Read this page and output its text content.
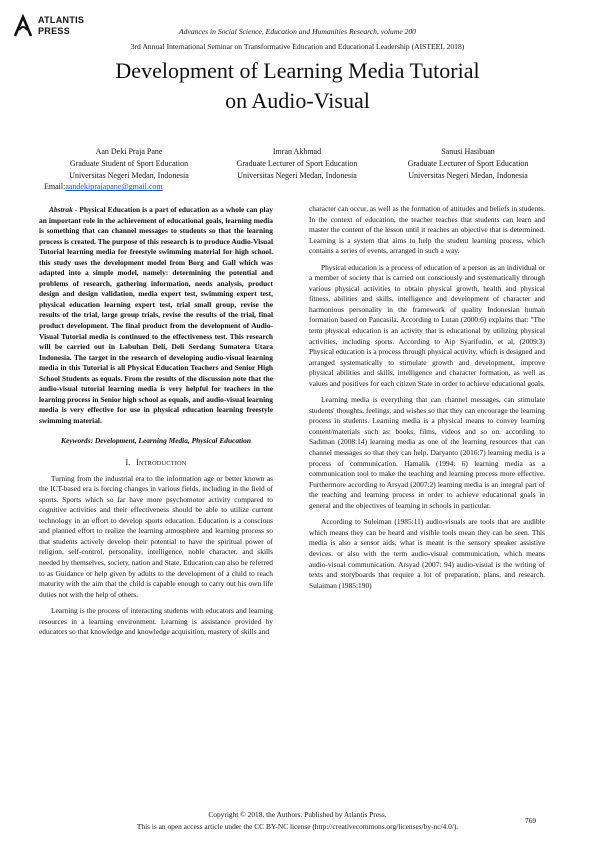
ATLANTIS
PRESS	Advances in Social Science, Education and Humanities Research, volume 200
3rd Annual International Seminar on Transformative Education and Educational Leadership (AISTEEL 2018)
Development of Learning Media Tutorial
on Audio-Visual
Aan Deki Praja Pane
Graduate Student of Sport Education
Universitas Negeri Medan, Indonesia
Email:aandekiprajapane@gmail.com
Imran Akhmad
Graduate Lecturer of Sport Education
Universitas Negeri Medan, Indonesia
Sanusi Hasibuan
Graduate Lecturer of Sport Education
Universitas Negeri Medan, Indonesia

Abstrak - Physical Education is a part of education as a whole can play an important role in the achievement of educational goals, learning media is something that can channel messages to students so that the learning process is created. The purpose of this research is to produce Audio-Visual Tutorial learning media for freestyle swimming material for high school. this study uses the development model from Borg and Gall which was adapted into a simple model, namely: determining the potential and problems of research, gathering information, needs analysis, product design and design validation, media expert test, swimming expert test, physical education learning expert test, trial small group, revise the results of the trial, large group trials, revise the results of the trial, final product development. The final product from the development of Audio-Visual Tutorial media is continued to the effectiveness test. This research will be carried out in Labuhan Deli, Deli Serdang Sumatera Utara Indonesia. The target in the research of developing audio-visual learning media in this Tutorial is all Physical Education Teachers and Senior High School Students as equals. From the results of the discussion note that the audio-visual tutorial learning media is very helpful for teachers in the learning process in Senior high school as equals, and audio-visual learning media is very effective for use in physical education learning freestyle swimming material.

Keywords: Development, Learning Media, Physical Education

I. INTRODUCTION

Turning from the industrial era to the information age or better known as the ICT-based era is forcing changes in various fields, including in the field of sports. Sports which so far have more psychomotor activity compared to cognitive activities and their effectiveness should be able to utilize current technology in an effort to develop sports education. Education is a conscious and planned effort to realize the learning atmosphere and learning process so that students actively develop their potential to have the spiritual power of religion, self-control, personality, intelligence, noble character, and skills needed by themselves, society, nation and State. Education can also be referred to as Guidance or help given by adults to the development of a child to reach maturity with the aim that the child is capable enough to carry out his own life duties not with the help of others.

Learning is the process of interacting students with educators and learning resources in a learning environment. Learning is assistance provided by educators so that knowledge and knowledge acquisition, mastery of skills and

character can occur, as well as the formation of attitudes and beliefs in students. In the context of education, the teacher teaches that students can learn and master the content of the lesson until it reaches an objective that is determined. Learning is a system that aims to help the student learning process, which contains a series of events, arranged in such a way.

Physical education is a process of education of a person as an individual or a member of society that is carried out consciously and systematically through various physical activities to obtain physical growth, health and physical fitness, abilities and skills, intelligence and development of character and harmonious personality in the framework of quality Indonesian human formation based on Pancasila. According to Lutan (2000:6) explains that: "The term physical education is an activity that is educational by utilizing physical activities, including sports. According to Aip Syarifudin, et al, (2009:3) Physical education is a process through physical activity, which is designed and arranged systematically to stimulate growth and development, improve physical abilities and skills, intelligence and character formation, as well as values and positives for each citizen State in order to achieve educational goals.

Learning media is everything that can channel messages, can stimulate students' thoughts, feelings, and wishes so that they can encourage the learning process in students. Learning media is a physical means to convey learning content/materials such as: books, films, videos and so on. according to Sadiman (2008:14) learning media as one of the learning resources that can channel messages so that they can help. Daryanto (2016:7) learning media is a process of communication. Hamalik (1994: 6) learning media as a communication tool to make the teaching and learning process more effective. Furthermore according to Arsyad (2007:2) learning media is an integral part of the teaching and learning process in order to achieve educational goals in general and the objectives of learning in schools in particular.

According to Suleiman (1985:11) audio-visuals are tools that are audible which means they can be heard and visible tools mean they can be seen. This media is also a sensor aids, what is meant is the sensory speaker assistive devices. or also with the term audio-visual communication, which means audio-visual communication. Arsyad (2007: 94) audio-visual is the writing of texts and storyboards that require a lot of preparation, plans, and research. Sulaiman (1985:190)

Copyright © 2018, the Authors. Published by Atlantis Press.
This is an open access article under the CC BY-NC license (http://creativecommons.org/licenses/by-nc/4.0/).
769
